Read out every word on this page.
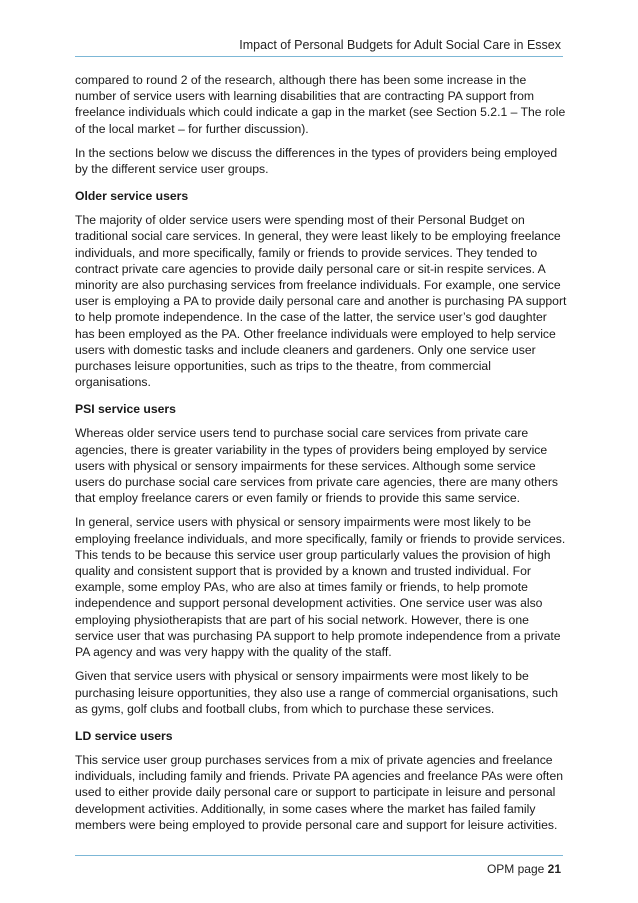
Impact of Personal Budgets for Adult Social Care in Essex

compared to round 2 of the research, although there has been some increase in the number of service users with learning disabilities that are contracting PA support from freelance individuals which could indicate a gap in the market (see Section 5.2.1 – The role of the local market – for further discussion).

In the sections below we discuss the differences in the types of providers being employed by the different service user groups.

Older service users

The majority of older service users were spending most of their Personal Budget on traditional social care services. In general, they were least likely to be employing freelance individuals, and more specifically, family or friends to provide services. They tended to contract private care agencies to provide daily personal care or sit-in respite services. A minority are also purchasing services from freelance individuals. For example, one service user is employing a PA to provide daily personal care and another is purchasing PA support to help promote independence. In the case of the latter, the service user’s god daughter has been employed as the PA. Other freelance individuals were employed to help service users with domestic tasks and include cleaners and gardeners. Only one service user purchases leisure opportunities, such as trips to the theatre, from commercial organisations.

PSI service users

Whereas older service users tend to purchase social care services from private care agencies, there is greater variability in the types of providers being employed by service users with physical or sensory impairments for these services. Although some service users do purchase social care services from private care agencies, there are many others that employ freelance carers or even family or friends to provide this same service.

In general, service users with physical or sensory impairments were most likely to be employing freelance individuals, and more specifically, family or friends to provide services. This tends to be because this service user group particularly values the provision of high quality and consistent support that is provided by a known and trusted individual. For example, some employ PAs, who are also at times family or friends, to help promote independence and support personal development activities. One service user was also employing physiotherapists that are part of his social network. However, there is one service user that was purchasing PA support to help promote independence from a private PA agency and was very happy with the quality of the staff.

Given that service users with physical or sensory impairments were most likely to be purchasing leisure opportunities, they also use a range of commercial organisations, such as gyms, golf clubs and football clubs, from which to purchase these services.

LD service users

This service user group purchases services from a mix of private agencies and freelance individuals, including family and friends. Private PA agencies and freelance PAs were often used to either provide daily personal care or support to participate in leisure and personal development activities. Additionally, in some cases where the market has failed family members were being employed to provide personal care and support for leisure activities.

OPM page 21
